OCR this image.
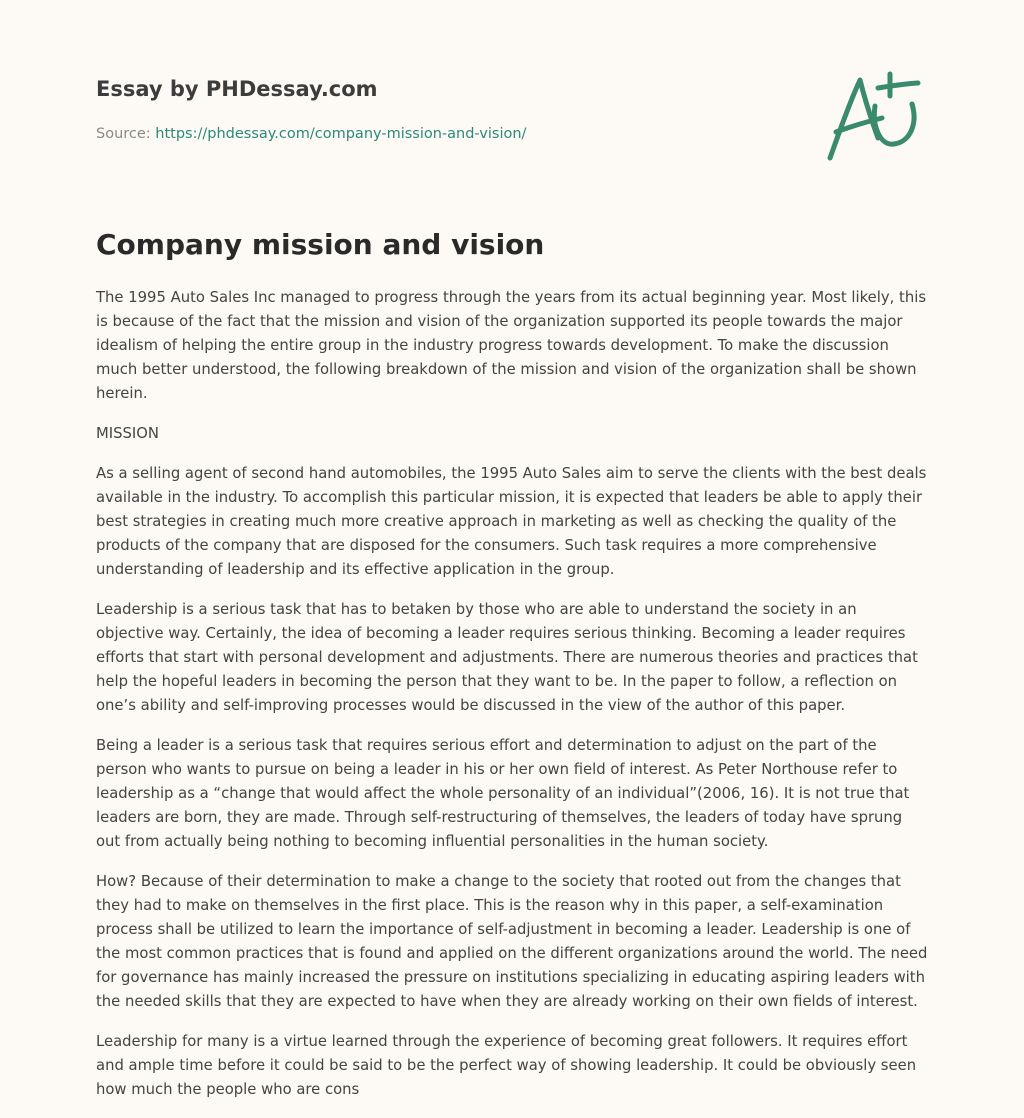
Essay by PHDessay.com
Source: https://phdessay.com/company-mission-and-vision/
Company mission and vision

The 1995 Auto Sales Inc managed to progress through the years from its actual beginning year. Most likely, this is because of the fact that the mission and vision of the organization supported its people towards the major idealism of helping the entire group in the industry progress towards development. To make the discussion much better understood, the following breakdown of the mission and vision of the organization shall be shown herein.

MISSION

As a selling agent of second hand automobiles, the 1995 Auto Sales aim to serve the clients with the best deals available in the industry. To accomplish this particular mission, it is expected that leaders be able to apply their best strategies in creating much more creative approach in marketing as well as checking the quality of the products of the company that are disposed for the consumers. Such task requires a more comprehensive understanding of leadership and its effective application in the group.

Leadership is a serious task that has to betaken by those who are able to understand the society in an objective way. Certainly, the idea of becoming a leader requires serious thinking. Becoming a leader requires efforts that start with personal development and adjustments. There are numerous theories and practices that help the hopeful leaders in becoming the person that they want to be. In the paper to follow, a reflection on one’s ability and self-improving processes would be discussed in the view of the author of this paper.

Being a leader is a serious task that requires serious effort and determination to adjust on the part of the person who wants to pursue on being a leader in his or her own field of interest. As Peter Northouse refer to leadership as a “change that would affect the whole personality of an individual”(2006, 16). It is not true that leaders are born, they are made. Through self-restructuring of themselves, the leaders of today have sprung out from actually being nothing to becoming influential personalities in the human society.

How? Because of their determination to make a change to the society that rooted out from the changes that they had to make on themselves in the first place. This is the reason why in this paper, a self-examination process shall be utilized to learn the importance of self-adjustment in becoming a leader. Leadership is one of the most common practices that is found and applied on the different organizations around the world. The need for governance has mainly increased the pressure on institutions specializing in educating aspiring leaders with the needed skills that they are expected to have when they are already working on their own fields of interest.

Leadership for many is a virtue learned through the experience of becoming great followers. It requires effort and ample time before it could be said to be the perfect way of showing leadership. It could be obviously seen how much the people who are cons
